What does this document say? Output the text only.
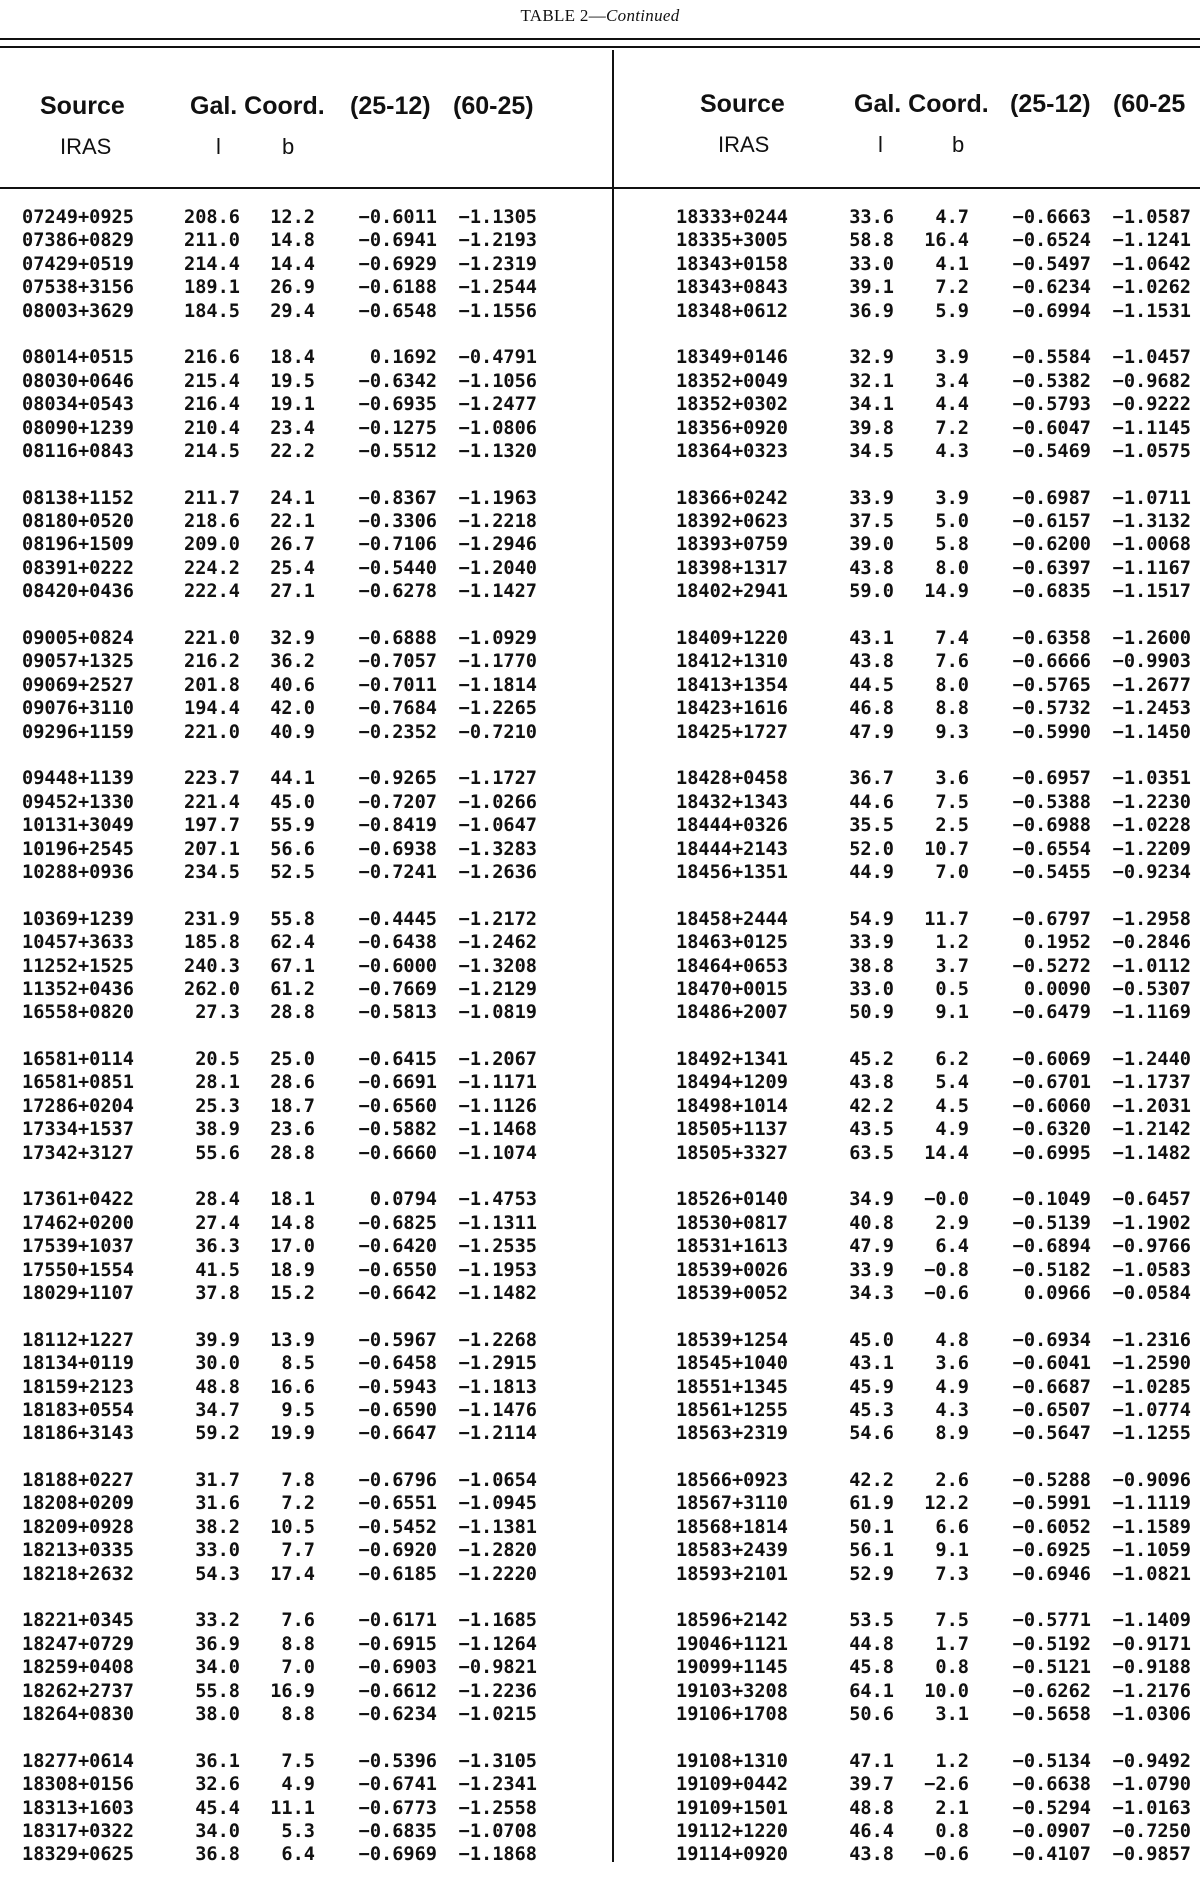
TABLE 2—Continued
Source
IRAS
Gal. Coord. (25-12) (60-25)
l	b
Source
IRAS
Gal. Coord. (25-12) (60-25
l	b
07249+0925	208.6	12.2	−0.6011	−1.1305
07386+0829	211.0	14.8	−0.6941	−1.2193
07429+0519	214.4	14.4	−0.6929	−1.2319
07538+3156	189.1	26.9	−0.6188	−1.2544
08003+3629	184.5	29.4	−0.6548	−1.1556
08014+0515	216.6	18.4	0.1692	−0.4791
08030+0646	215.4	19.5	−0.6342	−1.1056
08034+0543	216.4	19.1	−0.6935	−1.2477
08090+1239	210.4	23.4	−0.1275	−1.0806
08116+0843	214.5	22.2	−0.5512	−1.1320
08138+1152	211.7	24.1	−0.8367	−1.1963
08180+0520	218.6	22.1	−0.3306	−1.2218
08196+1509	209.0	26.7	−0.7106	−1.2946
08391+0222	224.2	25.4	−0.5440	−1.2040
08420+0436	222.4	27.1	−0.6278	−1.1427
09005+0824	221.0	32.9	−0.6888	−1.0929
09057+1325	216.2	36.2	−0.7057	−1.1770
09069+2527	201.8	40.6	−0.7011	−1.1814
09076+3110	194.4	42.0	−0.7684	−1.2265
09296+1159	221.0	40.9	−0.2352	−0.7210
09448+1139	223.7	44.1	−0.9265	−1.1727
09452+1330	221.4	45.0	−0.7207	−1.0266
10131+3049	197.7	55.9	−0.8419	−1.0647
10196+2545	207.1	56.6	−0.6938	−1.3283
10288+0936	234.5	52.5	−0.7241	−1.2636
10369+1239	231.9	55.8	−0.4445	−1.2172
10457+3633	185.8	62.4	−0.6438	−1.2462
11252+1525	240.3	67.1	−0.6000	−1.3208
11352+0436	262.0	61.2	−0.7669	−1.2129
16558+0820	27.3	28.8	−0.5813	−1.0819
16581+0114	20.5	25.0	−0.6415	−1.2067
16581+0851	28.1	28.6	−0.6691	−1.1171
17286+0204	25.3	18.7	−0.6560	−1.1126
17334+1537	38.9	23.6	−0.5882	−1.1468
17342+3127	55.6	28.8	−0.6660	−1.1074
17361+0422	28.4	18.1	0.0794	−1.4753
17462+0200	27.4	14.8	−0.6825	−1.1311
17539+1037	36.3	17.0	−0.6420	−1.2535
17550+1554	41.5	18.9	−0.6550	−1.1953
18029+1107	37.8	15.2	−0.6642	−1.1482
18112+1227	39.9	13.9	−0.5967	−1.2268
18134+0119	30.0	8.5	−0.6458	−1.2915
18159+2123	48.8	16.6	−0.5943	−1.1813
18183+0554	34.7	9.5	−0.6590	−1.1476
18186+3143	59.2	19.9	−0.6647	−1.2114
18188+0227	31.7	7.8	−0.6796	−1.0654
18208+0209	31.6	7.2	−0.6551	−1.0945
18209+0928	38.2	10.5	−0.5452	−1.1381
18213+0335	33.0	7.7	−0.6920	−1.2820
18218+2632	54.3	17.4	−0.6185	−1.2220
18221+0345	33.2	7.6	−0.6171	−1.1685
18247+0729	36.9	8.8	−0.6915	−1.1264
18259+0408	34.0	7.0	−0.6903	−0.9821
18262+2737	55.8	16.9	−0.6612	−1.2236
18264+0830	38.0	8.8	−0.6234	−1.0215
18277+0614	36.1	7.5	−0.5396	−1.3105
18308+0156	32.6	4.9	−0.6741	−1.2341
18313+1603	45.4	11.1	−0.6773	−1.2558
18317+0322	34.0	5.3	−0.6835	−1.0708
18329+0625	36.8	6.4	−0.6969	−1.1868
18333+0244	33.6	4.7	−0.6663	−1.0587
18335+3005	58.8	16.4	−0.6524	−1.1241
18343+0158	33.0	4.1	−0.5497	−1.0642
18343+0843	39.1	7.2	−0.6234	−1.0262
18348+0612	36.9	5.9	−0.6994	−1.1531
18349+0146	32.9	3.9	−0.5584	−1.0457
18352+0049	32.1	3.4	−0.5382	−0.9682
18352+0302	34.1	4.4	−0.5793	−0.9222
18356+0920	39.8	7.2	−0.6047	−1.1145
18364+0323	34.5	4.3	−0.5469	−1.0575
18366+0242	33.9	3.9	−0.6987	−1.0711
18392+0623	37.5	5.0	−0.6157	−1.3132
18393+0759	39.0	5.8	−0.6200	−1.0068
18398+1317	43.8	8.0	−0.6397	−1.1167
18402+2941	59.0	14.9	−0.6835	−1.1517
18409+1220	43.1	7.4	−0.6358	−1.2600
18412+1310	43.8	7.6	−0.6666	−0.9903
18413+1354	44.5	8.0	−0.5765	−1.2677
18423+1616	46.8	8.8	−0.5732	−1.2453
18425+1727	47.9	9.3	−0.5990	−1.1450
18428+0458	36.7	3.6	−0.6957	−1.0351
18432+1343	44.6	7.5	−0.5388	−1.2230
18444+0326	35.5	2.5	−0.6988	−1.0228
18444+2143	52.0	10.7	−0.6554	−1.2209
18456+1351	44.9	7.0	−0.5455	−0.9234
18458+2444	54.9	11.7	−0.6797	−1.2958
18463+0125	33.9	1.2	0.1952	−0.2846
18464+0653	38.8	3.7	−0.5272	−1.0112
18470+0015	33.0	0.5	0.0090	−0.5307
18486+2007	50.9	9.1	−0.6479	−1.1169
18492+1341	45.2	6.2	−0.6069	−1.2440
18494+1209	43.8	5.4	−0.6701	−1.1737
18498+1014	42.2	4.5	−0.6060	−1.2031
18505+1137	43.5	4.9	−0.6320	−1.2142
18505+3327	63.5	14.4	−0.6995	−1.1482
18526+0140	34.9	−0.0	−0.1049	−0.6457
18530+0817	40.8	2.9	−0.5139	−1.1902
18531+1613	47.9	6.4	−0.6894	−0.9766
18539+0026	33.9	−0.8	−0.5182	−1.0583
18539+0052	34.3	−0.6	0.0966	−0.0584
18539+1254	45.0	4.8	−0.6934	−1.2316
18545+1040	43.1	3.6	−0.6041	−1.2590
18551+1345	45.9	4.9	−0.6687	−1.0285
18561+1255	45.3	4.3	−0.6507	−1.0774
18563+2319	54.6	8.9	−0.5647	−1.1255
18566+0923	42.2	2.6	−0.5288	−0.9096
18567+3110	61.9	12.2	−0.5991	−1.1119
18568+1814	50.1	6.6	−0.6052	−1.1589
18583+2439	56.1	9.1	−0.6925	−1.1059
18593+2101	52.9	7.3	−0.6946	−1.0821
18596+2142	53.5	7.5	−0.5771	−1.1409
19046+1121	44.8	1.7	−0.5192	−0.9171
19099+1145	45.8	0.8	−0.5121	−0.9188
19103+3208	64.1	10.0	−0.6262	−1.2176
19106+1708	50.6	3.1	−0.5658	−1.0306
19108+1310	47.1	1.2	−0.5134	−0.9492
19109+0442	39.7	−2.6	−0.6638	−1.0790
19109+1501	48.8	2.1	−0.5294	−1.0163
19112+1220	46.4	0.8	−0.0907	−0.7250
19114+0920	43.8	−0.6	−0.4107	−0.9857
